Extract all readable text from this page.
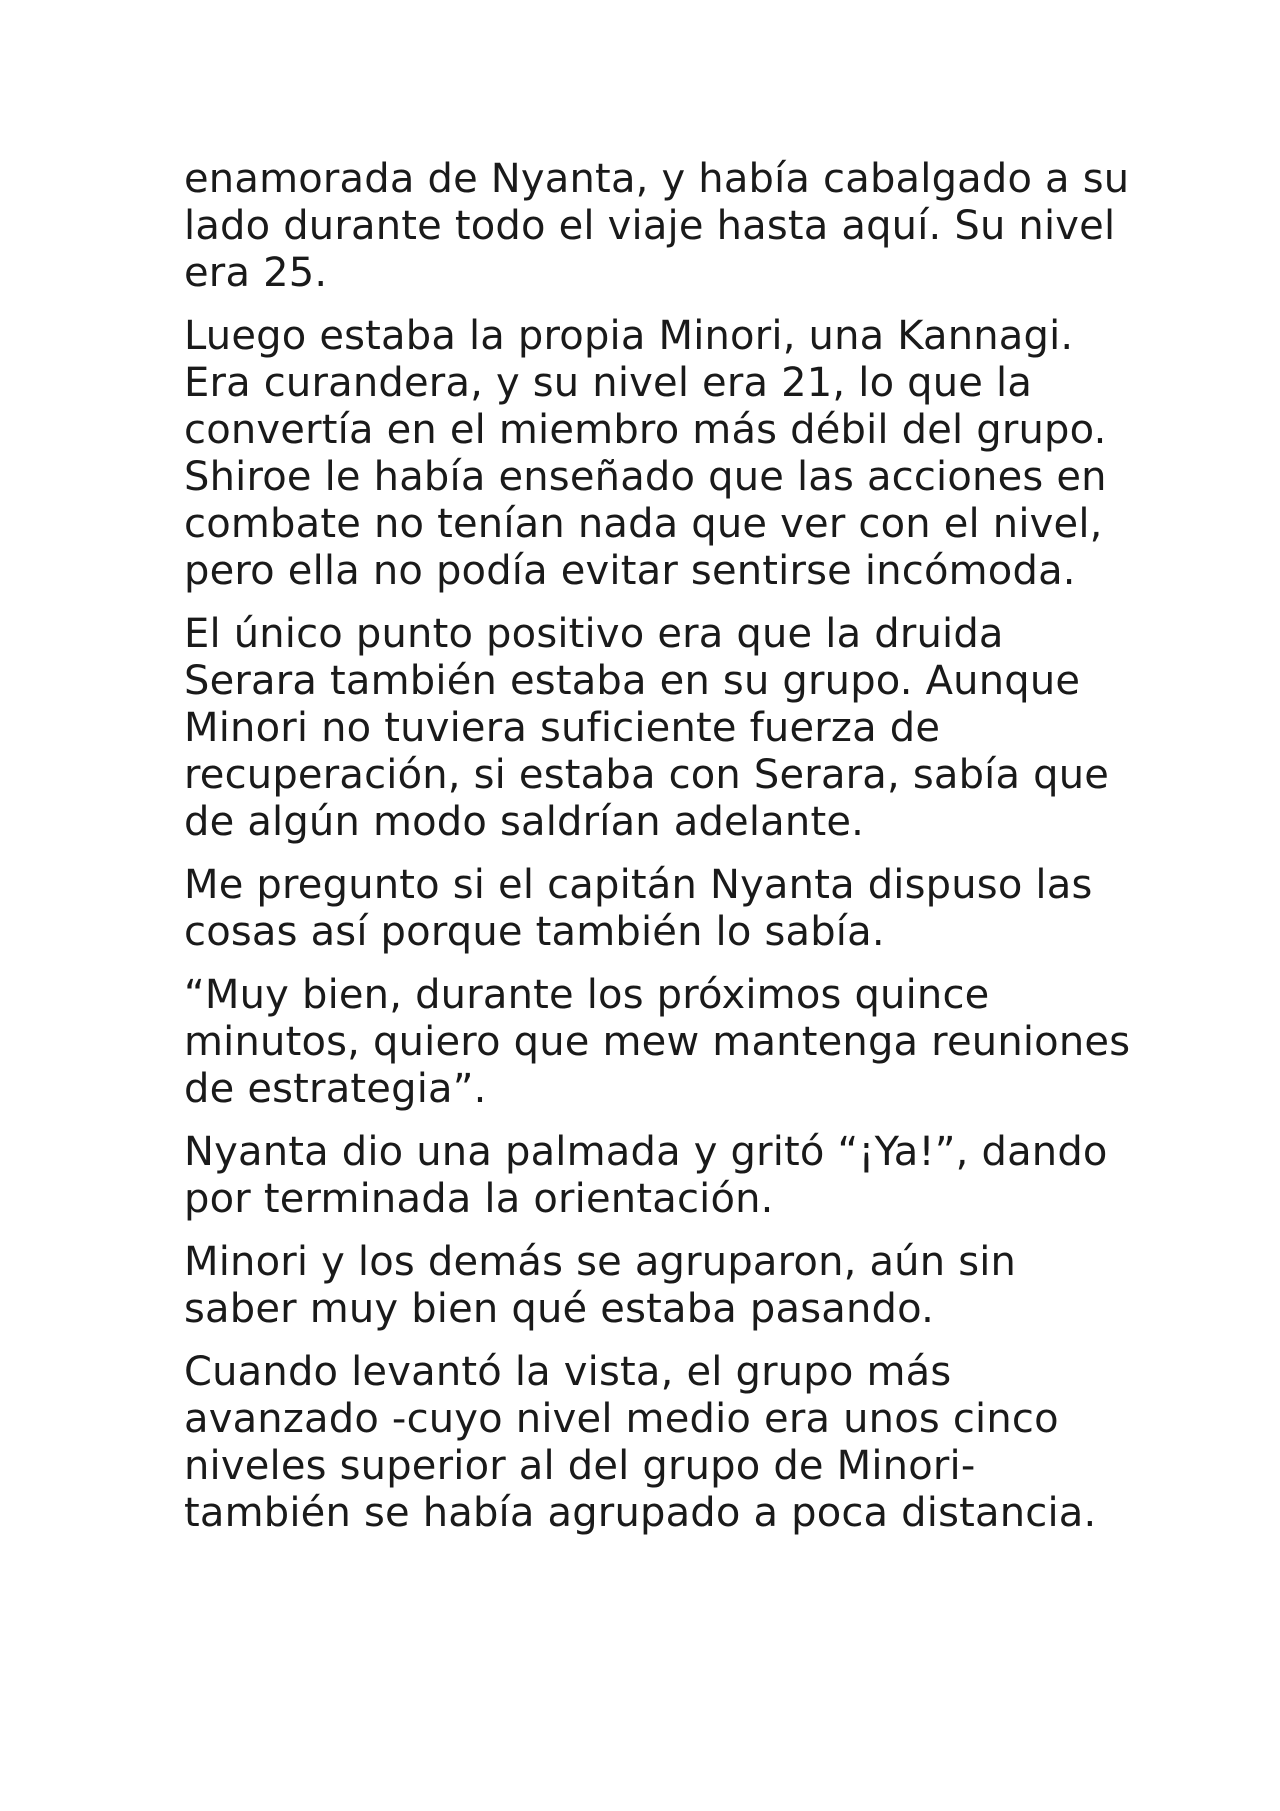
enamorada de Nyanta, y había cabalgado a su
lado durante todo el viaje hasta aquí. Su nivel
era 25.

Luego estaba la propia Minori, una Kannagi.
Era curandera, y su nivel era 21, lo que la
convertía en el miembro más débil del grupo.
Shiroe le había enseñado que las acciones en
combate no tenían nada que ver con el nivel,
pero ella no podía evitar sentirse incómoda.

El único punto positivo era que la druida
Serara también estaba en su grupo. Aunque
Minori no tuviera suficiente fuerza de
recuperación, si estaba con Serara, sabía que
de algún modo saldrían adelante.

Me pregunto si el capitán Nyanta dispuso las
cosas así porque también lo sabía.

“Muy bien, durante los próximos quince
minutos, quiero que mew mantenga reuniones
de estrategia”.

Nyanta dio una palmada y gritó “¡Ya!”, dando
por terminada la orientación.

Minori y los demás se agruparon, aún sin
saber muy bien qué estaba pasando.

Cuando levantó la vista, el grupo más
avanzado -cuyo nivel medio era unos cinco
niveles superior al del grupo de Minori-
también se había agrupado a poca distancia.
